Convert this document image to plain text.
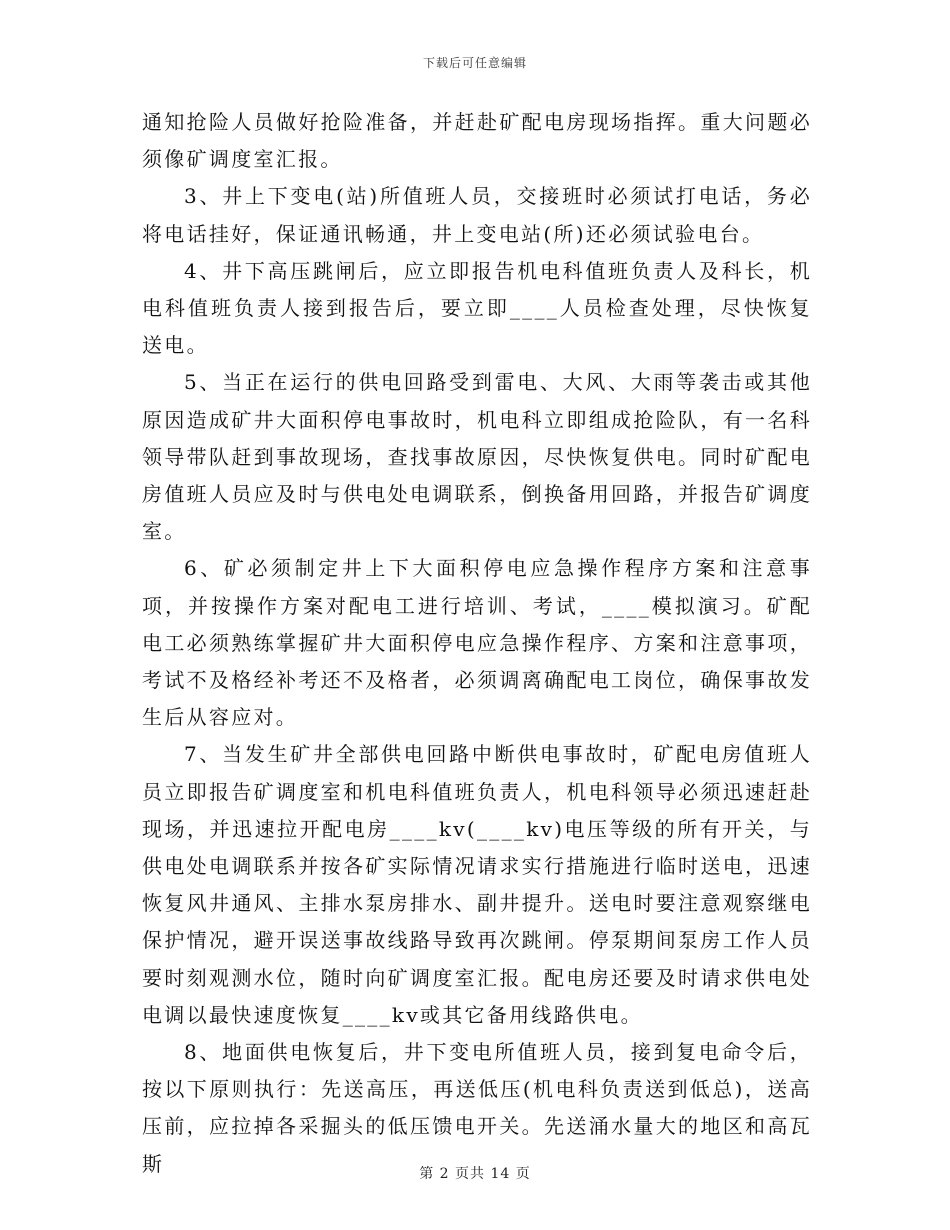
下载后可任意编辑

通知抢险人员做好抢险准备，并赶赴矿配电房现场指挥。重大问题必须像矿调度室汇报。

3、井上下变电(站)所值班人员，交接班时必须试打电话，务必将电话挂好，保证通讯畅通，井上变电站(所)还必须试验电台。

4、井下高压跳闸后，应立即报告机电科值班负责人及科长，机电科值班负责人接到报告后，要立即____人员检查处理，尽快恢复送电。

5、当正在运行的供电回路受到雷电、大风、大雨等袭击或其他原因造成矿井大面积停电事故时，机电科立即组成抢险队，有一名科领导带队赶到事故现场，查找事故原因，尽快恢复供电。同时矿配电房值班人员应及时与供电处电调联系，倒换备用回路，并报告矿调度室。

6、矿必须制定井上下大面积停电应急操作程序方案和注意事项，并按操作方案对配电工进行培训、考试，____模拟演习。矿配电工必须熟练掌握矿井大面积停电应急操作程序、方案和注意事项，考试不及格经补考还不及格者，必须调离确配电工岗位，确保事故发生后从容应对。

7、当发生矿井全部供电回路中断供电事故时，矿配电房值班人员立即报告矿调度室和机电科值班负责人，机电科领导必须迅速赶赴现场，并迅速拉开配电房____kv(____kv)电压等级的所有开关，与供电处电调联系并按各矿实际情况请求实行措施进行临时送电，迅速恢复风井通风、主排水泵房排水、副井提升。送电时要注意观察继电保护情况，避开误送事故线路导致再次跳闸。停泵期间泵房工作人员要时刻观测水位，随时向矿调度室汇报。配电房还要及时请求供电处电调以最快速度恢复____kv或其它备用线路供电。

8、地面供电恢复后，井下变电所值班人员，接到复电命令后，按以下原则执行：先送高压，再送低压(机电科负责送到低总)，送高压前，应拉掉各采掘头的低压馈电开关。先送涌水量大的地区和高瓦斯	第 2 页共 14 页
